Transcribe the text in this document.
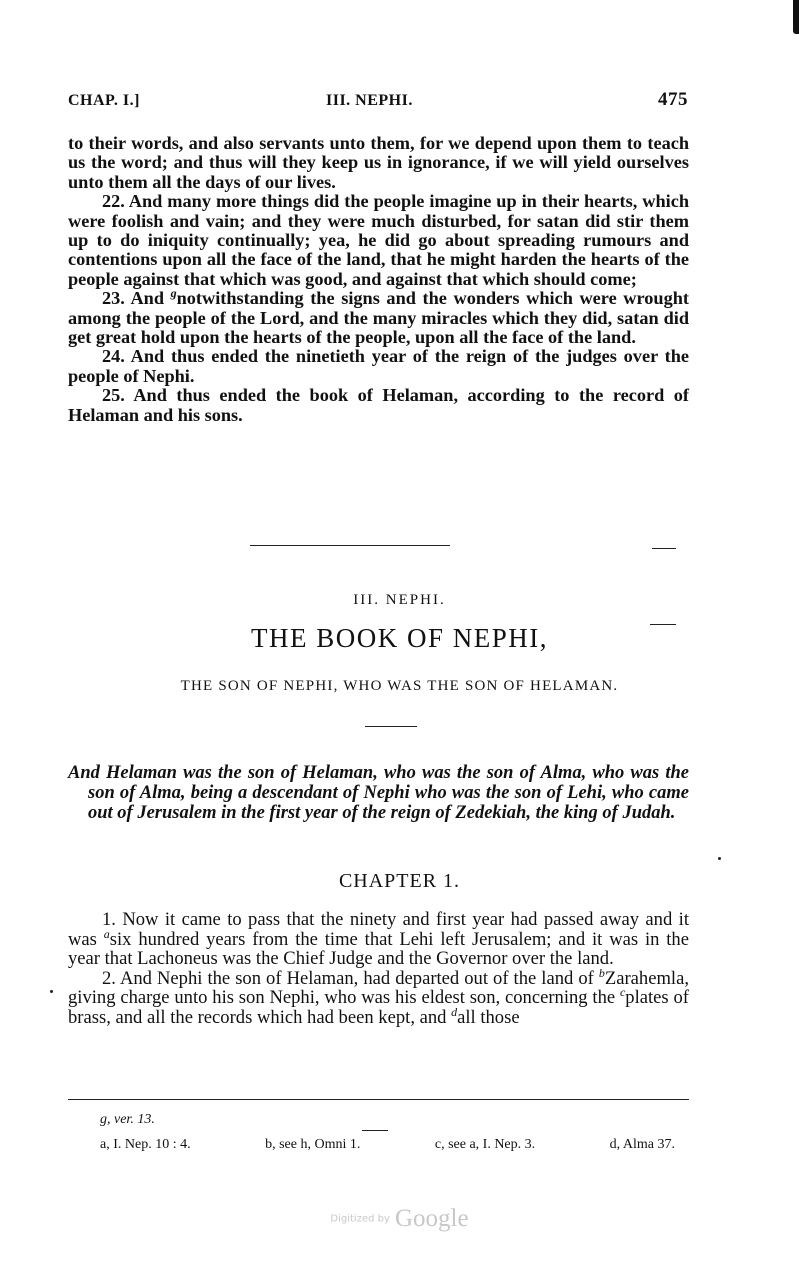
CHAP. I.]	III. NEPHI.	475

to their words, and also servants unto them, for we depend upon them to teach us the word; and thus will they keep us in ignorance, if we will yield ourselves unto them all the days of our lives.

22. And many more things did the people imagine up in their hearts, which were foolish and vain; and they were much disturbed, for satan did stir them up to do iniquity continually; yea, he did go about spreading rumours and contentions upon all the face of the land, that he might harden the hearts of the people against that which was good, and against that which should come;

23. And $^g$notwithstanding the signs and the wonders which were wrought among the people of the Lord, and the many miracles which they did, satan did get great hold upon the hearts of the people, upon all the face of the land.

24. And thus ended the ninetieth year of the reign of the judges over the people of Nephi.

25. And thus ended the book of Helaman, according to the record of Helaman and his sons.

III. NEPHI.
THE BOOK OF NEPHI,
THE SON OF NEPHI, WHO WAS THE SON OF HELAMAN.

And Helaman was the son of Helaman, who was the son of Alma, who was the son of Alma, being a descendant of Nephi who was the son of Lehi, who came out of Jerusalem in the first year of the reign of Zedekiah, the king of Judah.

CHAPTER 1.

1. Now it came to pass that the ninety and first year had passed away and it was $^a$six hundred years from the time that Lehi left Jerusalem; and it was in the year that Lachoneus was the Chief Judge and the Governor over the land.

2. And Nephi the son of Helaman, had departed out of the land of $^b$Zarahemla, giving charge unto his son Nephi, who was his eldest son, concerning the $^c$plates of brass, and all the records which had been kept, and $^d$all those

g, ver. 13.
a, I. Nep. 10 : 4.	b, see h, Omni 1.	c, see a, I. Nep. 3.	d, Alma 37.
Digitized by Google
